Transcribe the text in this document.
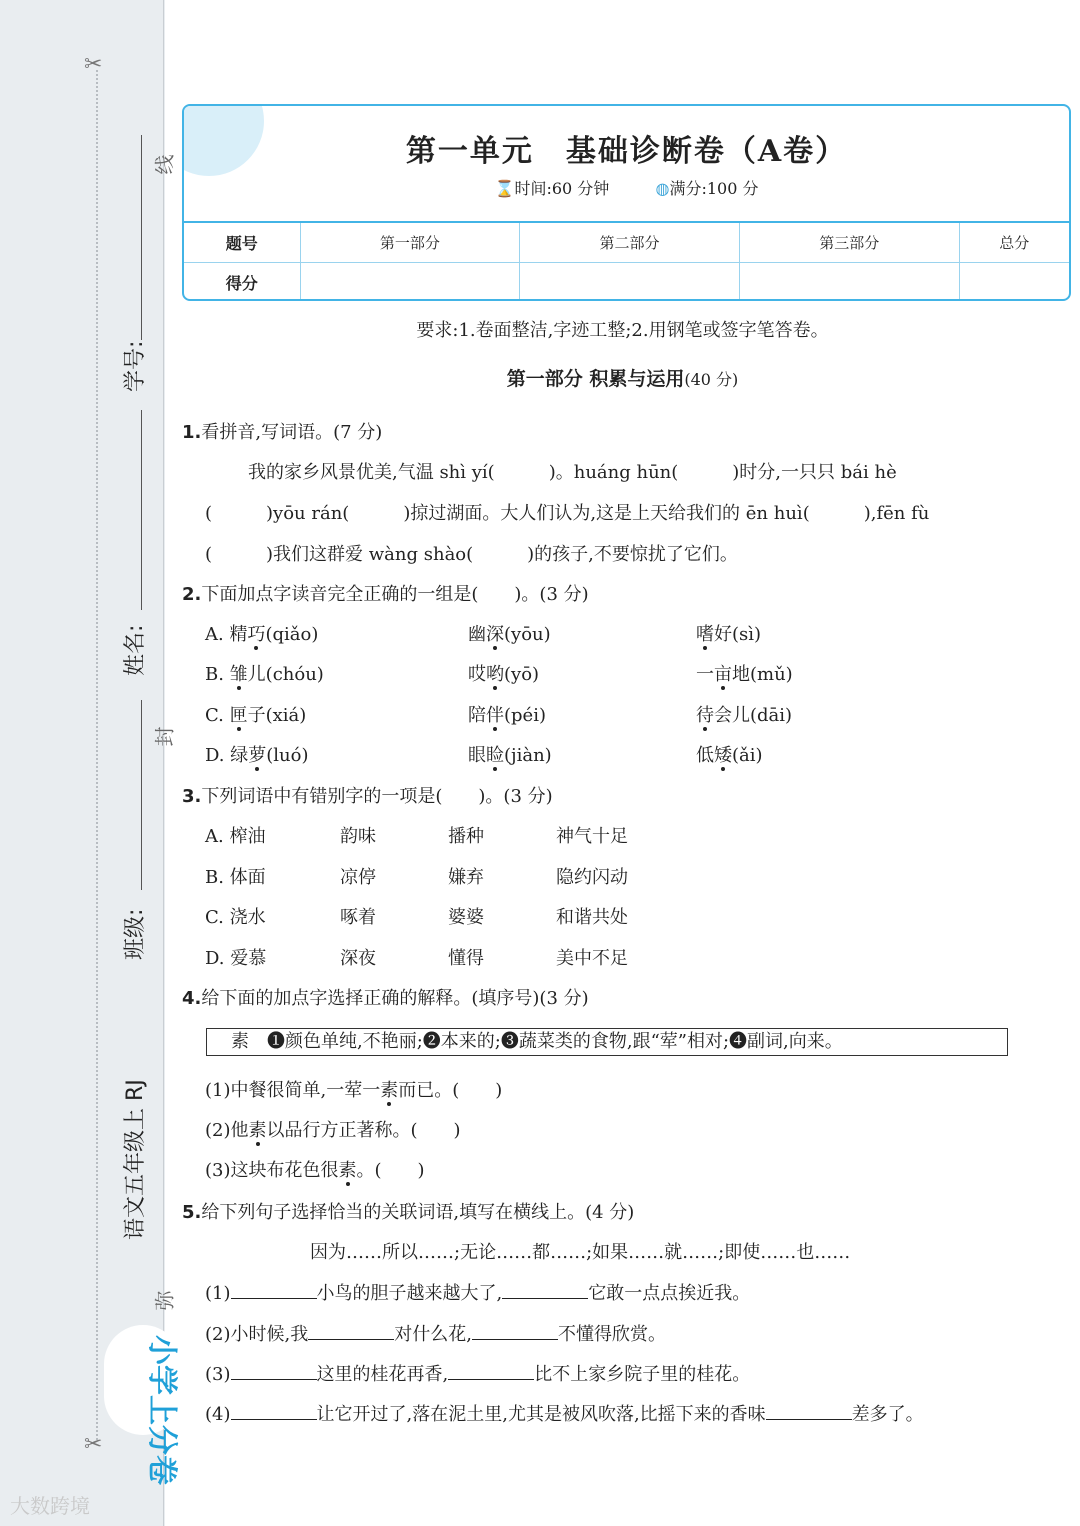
✂
✂
线
封
弥
学号:
姓名:
班级:
语文五年级上 RJ
小学上分卷
大数跨境
第一单元　基础诊断卷（A卷）
⌛时间:60 分钟	◍满分:100 分
题号	第一部分	第二部分	第三部分	总分
得分				
要求:1.卷面整洁,字迹工整;2.用钢笔或签字笔答卷。
第一部分 积累与运用(40 分)
1.看拼音,写词语。(7 分)
我的家乡风景优美,气温 shì yí(　　　)。huáng hūn(　　　)时分,一只只 bái hè
(　　　)yōu rán(　　　)掠过湖面。大人们认为,这是上天给我们的 ēn huì(　　　),fēn fù
(　　　)我们这群爱 wàng shào(　　　)的孩子,不要惊扰了它们。
2.下面加点字读音完全正确的一组是(　　)。(3 分)
A. 精巧(qiǎo)	幽深(yōu)	嗜好(sì)
B. 雏儿(chóu)	哎哟(yō)	一亩地(mǔ)
C. 匣子(xiá)	陪伴(péi)	待会儿(dāi)
D. 绿萝(luó)	眼睑(jiàn)	低矮(ǎi)
3.下列词语中有错别字的一项是(　　)。(3 分)
A. 榨油	韵味	播种	神气十足
B. 体面	凉停	嫌弃	隐约闪动
C. 浇水	啄着	婆婆	和谐共处
D. 爱慕	深夜	懂得	美中不足
4.给下面的加点字选择正确的解释。(填序号)(3 分)
素　❶颜色单纯,不艳丽;❷本来的;❸蔬菜类的食物,跟“荤”相对;❹副词,向来。
(1)中餐很简单,一荤一素而已。(　　)
(2)他素以品行方正著称。(　　)
(3)这块布花色很素。(　　)
5.给下列句子选择恰当的关联词语,填写在横线上。(4 分)
因为……所以……;无论……都……;如果……就……;即使……也……
(1)	小鸟的胆子越来越大了,	它敢一点点挨近我。
(2)小时候,我	对什么花,	不懂得欣赏。
(3)	这里的桂花再香,	比不上家乡院子里的桂花。
(4)	让它开过了,落在泥土里,尤其是被风吹落,比摇下来的香味	差多了。
